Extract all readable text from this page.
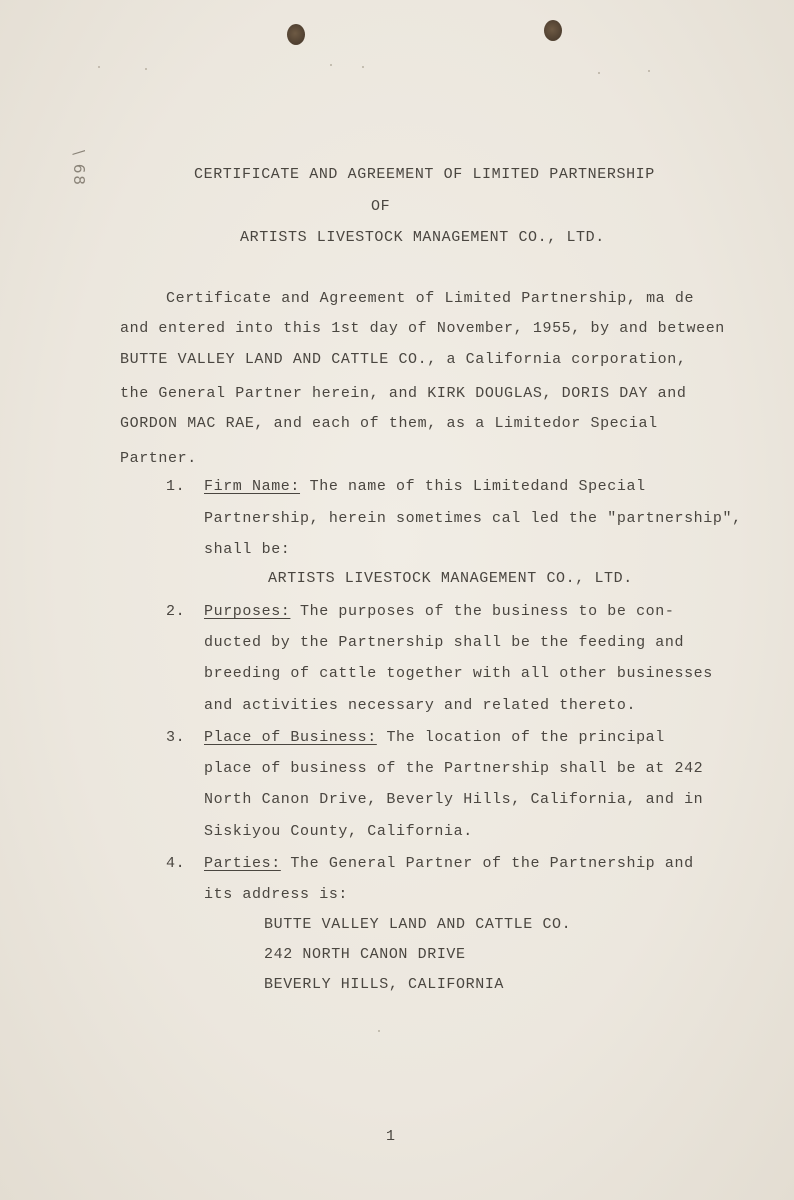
\ 68	CERTIFICATE AND AGREEMENT OF LIMITED PARTNERSHIP
OF
ARTISTS LIVESTOCK MANAGEMENT CO., LTD.
Certificate and Agreement of Limited Partnership, ma de
and entered into this 1st day of November, 1955, by and between
BUTTE VALLEY LAND AND CATTLE CO., a California corporation,
the General Partner herein, and KIRK DOUGLAS, DORIS DAY and
GORDON MAC RAE, and each of them, as a Limitedor Special
Partner.
1. Firm Name: The name of this Limitedand Special
Partnership, herein sometimes cal led the "partnership",
shall be:
ARTISTS LIVESTOCK MANAGEMENT CO., LTD.
2. Purposes: The purposes of the business to be con-
ducted by the Partnership shall be the feeding and
breeding of cattle together with all other businesses
and activities necessary and related thereto.
3. Place of Business: The location of the principal
place of business of the Partnership shall be at 242
North Canon Drive, Beverly Hills, California, and in
Siskiyou County, California.
4. Parties: The General Partner of the Partnership and
its address is:
BUTTE VALLEY LAND AND CATTLE CO.
242 NORTH CANON DRIVE
BEVERLY HILLS, CALIFORNIA
1
